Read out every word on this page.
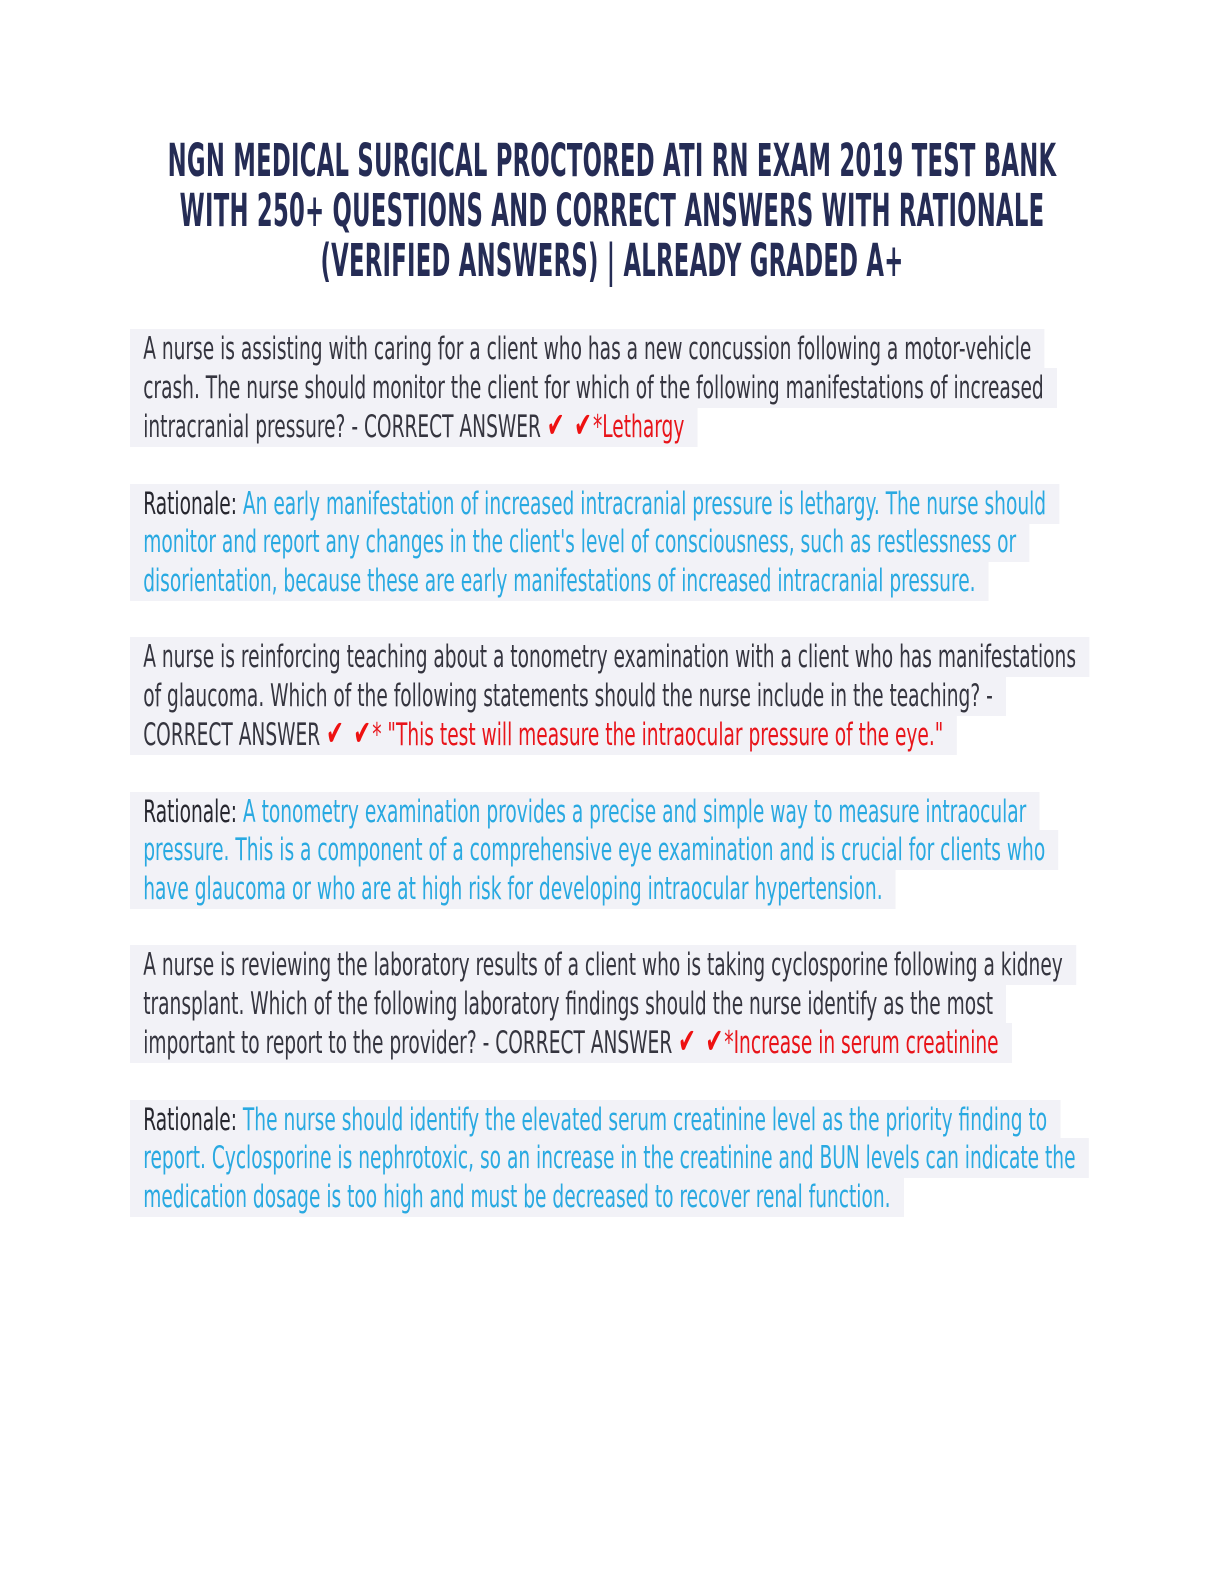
NGN MEDICAL SURGICAL PROCTORED ATI RN EXAM 2019 TEST BANK
WITH 250+ QUESTIONS AND CORRECT ANSWERS WITH RATIONALE
(VERIFIED ANSWERS) | ALREADY GRADED A+

A nurse is assisting with caring for a client who has a new concussion following a motor-vehicle crash. The nurse should monitor the client for which of the following manifestations of increased intracranial pressure? - CORRECT ANSWER ✔ ✔*Lethargy

Rationale: An early manifestation of increased intracranial pressure is lethargy. The nurse should monitor and report any changes in the client's level of consciousness, such as restlessness or disorientation, because these are early manifestations of increased intracranial pressure.

A nurse is reinforcing teaching about a tonometry examination with a client who has manifestations of glaucoma. Which of the following statements should the nurse include in the teaching? - CORRECT ANSWER ✔ ✔* "This test will measure the intraocular pressure of the eye."

Rationale: A tonometry examination provides a precise and simple way to measure intraocular pressure. This is a component of a comprehensive eye examination and is crucial for clients who have glaucoma or who are at high risk for developing intraocular hypertension.

A nurse is reviewing the laboratory results of a client who is taking cyclosporine following a kidney transplant. Which of the following laboratory findings should the nurse identify as the most important to report to the provider? - CORRECT ANSWER ✔ ✔*Increase in serum creatinine

Rationale: The nurse should identify the elevated serum creatinine level as the priority finding to report. Cyclosporine is nephrotoxic, so an increase in the creatinine and BUN levels can indicate the medication dosage is too high and must be decreased to recover renal function.
